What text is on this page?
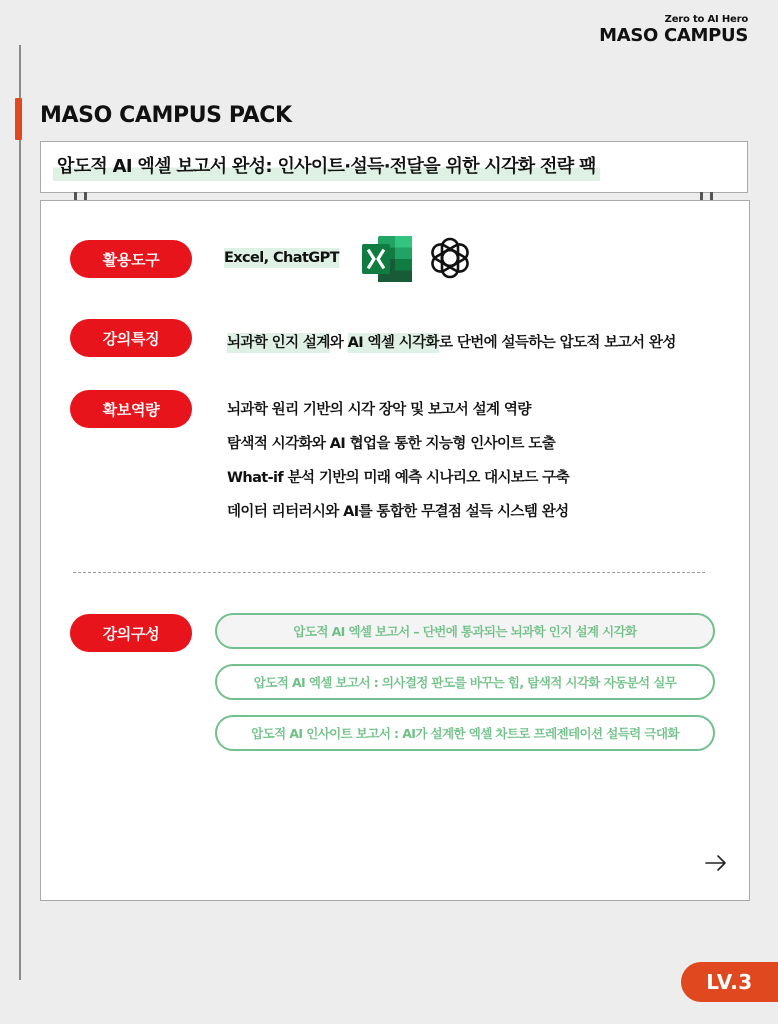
Zero to AI Hero
MASO CAMPUS
MASO CAMPUS PACK
압도적 AI 엑셀 보고서 완성: 인사이트·설득·전달을 위한 시각화 전략 팩
활용도구	Excel, ChatGPT
강의특징	뇌과학 인지 설계와 AI 엑셀 시각화로 단번에 설득하는 압도적 보고서 완성
확보역량	뇌과학 원리 기반의 시각 장악 및 보고서 설계 역량
탐색적 시각화와 AI 협업을 통한 지능형 인사이트 도출
What-if 분석 기반의 미래 예측 시나리오 대시보드 구축
데이터 리터러시와 AI를 통합한 무결점 설득 시스템 완성
강의구성	압도적 AI 엑셀 보고서 – 단번에 통과되는 뇌과학 인지 설계 시각화
압도적 AI 엑셀 보고서 : 의사결정 판도를 바꾸는 힘, 탐색적 시각화 자동분석 실무
압도적 AI 인사이트 보고서 : AI가 설계한 엑셀 차트로 프레젠테이션 설득력 극대화
LV.3
